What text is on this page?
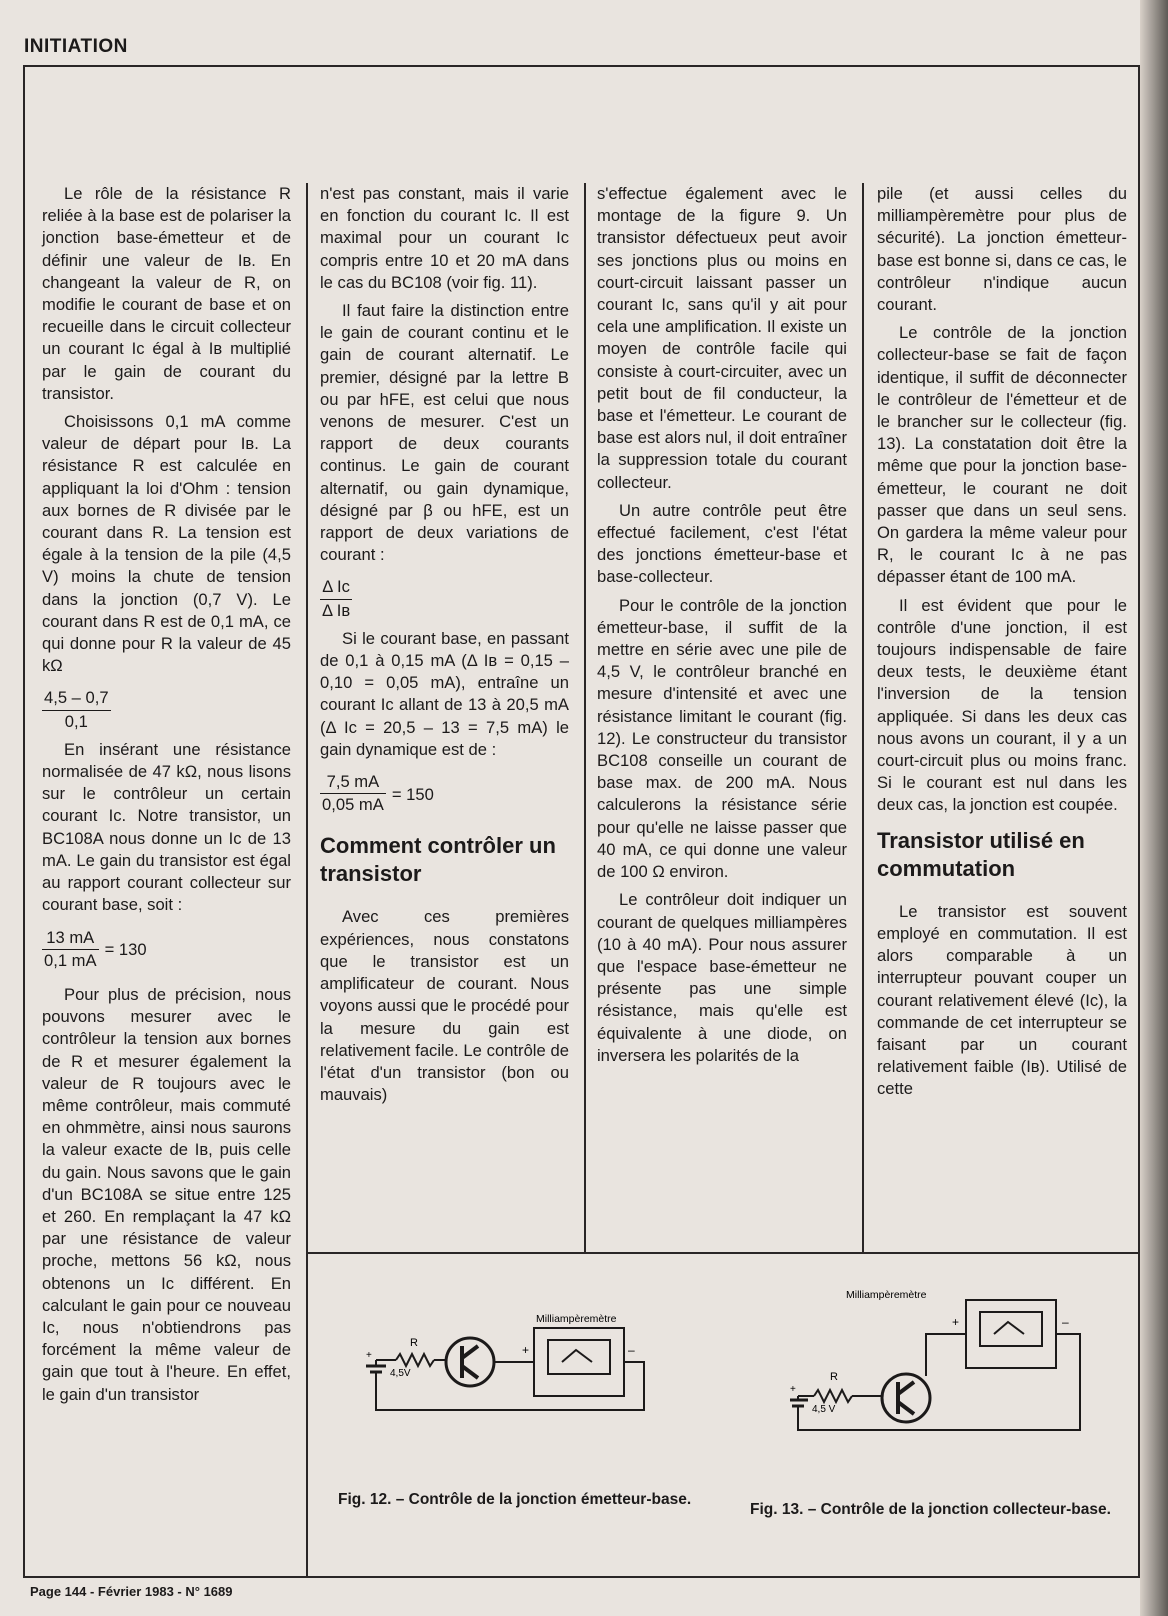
INITIATION

Le rôle de la résistance R reliée à la base est de polariser la jonction base-émetteur et de définir une valeur de Iʙ. En changeant la valeur de R, on modifie le courant de base et on recueille dans le circuit collecteur un courant Ic égal à Iʙ multiplié par le gain de courant du transistor.

Choisissons 0,1 mA comme valeur de départ pour Iʙ. La résistance R est calculée en appliquant la loi d'Ohm : tension aux bornes de R divisée par le courant dans R. La tension est égale à la tension de la pile (4,5 V) moins la chute de tension dans la jonction (0,7 V). Le courant dans R est de 0,1 mA, ce qui donne pour R la valeur de 45 kΩ

$\frac{4,5 - 0,7}{0,1}$

En insérant une résistance normalisée de 47 kΩ, nous lisons sur le contrôleur un certain courant Ic. Notre transistor, un BC108A nous donne un Ic de 13 mA. Le gain du transistor est égal au rapport courant collecteur sur courant base, soit :

$\frac{13 mA}{0,1 mA} = 130$

Pour plus de précision, nous pouvons mesurer avec le contrôleur la tension aux bornes de R et mesurer également la valeur de R toujours avec le même contrôleur, mais commuté en ohmmètre, ainsi nous saurons la valeur exacte de Iʙ, puis celle du gain. Nous savons que le gain d'un BC108A se situe entre 125 et 260. En remplaçant la 47 kΩ par une résistance de valeur proche, mettons 56 kΩ, nous obtenons un Ic différent. En calculant le gain pour ce nouveau Ic, nous n'obtiendrons pas forcément la même valeur de gain que tout à l'heure. En effet, le gain d'un transistor

n'est pas constant, mais il varie en fonction du courant Ic. Il est maximal pour un courant Ic compris entre 10 et 20 mA dans le cas du BC108 (voir fig. 11).

Il faut faire la distinction entre le gain de courant continu et le gain de courant alternatif. Le premier, désigné par la lettre B ou par hFE, est celui que nous venons de mesurer. C'est un rapport de deux courants continus. Le gain de courant alternatif, ou gain dynamique, désigné par β ou hFE, est un rapport de deux variations de courant :

$\frac{\text{Δ Ic}}{\text{Δ Iʙ}}$

Si le courant base, en passant de 0,1 à 0,15 mA (Δ Iʙ = 0,15 – 0,10 = 0,05 mA), entraîne un courant Ic allant de 13 à 20,5 mA (Δ Ic = 20,5 – 13 = 7,5 mA) le gain dynamique est de :

$\frac{7,5 mA}{0,05 mA} = 150$
Comment contrôler un transistor

Avec ces premières expériences, nous constatons que le transistor est un amplificateur de courant. Nous voyons aussi que le procédé pour la mesure du gain est relativement facile. Le contrôle de l'état d'un transistor (bon ou mauvais)

s'effectue également avec le montage de la figure 9. Un transistor défectueux peut avoir ses jonctions plus ou moins en court-circuit laissant passer un courant Ic, sans qu'il y ait pour cela une amplification. Il existe un moyen de contrôle facile qui consiste à court-circuiter, avec un petit bout de fil conducteur, la base et l'émetteur. Le courant de base est alors nul, il doit entraîner la suppression totale du courant collecteur.

Un autre contrôle peut être effectué facilement, c'est l'état des jonctions émetteur-base et base-collecteur.

Pour le contrôle de la jonction émetteur-base, il suffit de la mettre en série avec une pile de 4,5 V, le contrôleur branché en mesure d'intensité et avec une résistance limitant le courant (fig. 12). Le constructeur du transistor BC108 conseille un courant de base max. de 200 mA. Nous calculerons la résistance série pour qu'elle ne laisse passer que 40 mA, ce qui donne une valeur de 100 Ω environ.

Le contrôleur doit indiquer un courant de quelques milliampères (10 à 40 mA). Pour nous assurer que l'espace base-émetteur ne présente pas une simple résistance, mais qu'elle est équivalente à une diode, on inversera les polarités de la

pile (et aussi celles du milliampèremètre pour plus de sécurité). La jonction émetteur-base est bonne si, dans ce cas, le contrôleur n'indique aucun courant.

Le contrôle de la jonction collecteur-base se fait de façon identique, il suffit de déconnecter le contrôleur de l'émetteur et de le brancher sur le collecteur (fig. 13). La constatation doit être la même que pour la jonction base-émetteur, le courant ne doit passer que dans un seul sens. On gardera la même valeur pour R, le courant Ic à ne pas dépasser étant de 100 mA.

Il est évident que pour le contrôle d'une jonction, il est toujours indispensable de faire deux tests, le deuxième étant l'inversion de la tension appliquée. Si dans les deux cas nous avons un courant, il y a un court-circuit plus ou moins franc. Si le courant est nul dans les deux cas, la jonction est coupée.

Transistor utilisé en commutation

Le transistor est souvent employé en commutation. Il est alors comparable à un interrupteur pouvant couper un courant relativement élevé (Ic), la commande de cet interrupteur se faisant par un courant relativement faible (Iʙ). Utilisé de cette

R	+	–
+
4,5V
Milliampèremètre
Fig. 12. – Contrôle de la jonction émetteur-base.
R
+	–
+
4,5 V
Milliampèremètre
Fig. 13. – Contrôle de la jonction collecteur-base.
Page 144 - Février 1983 - N° 1689
